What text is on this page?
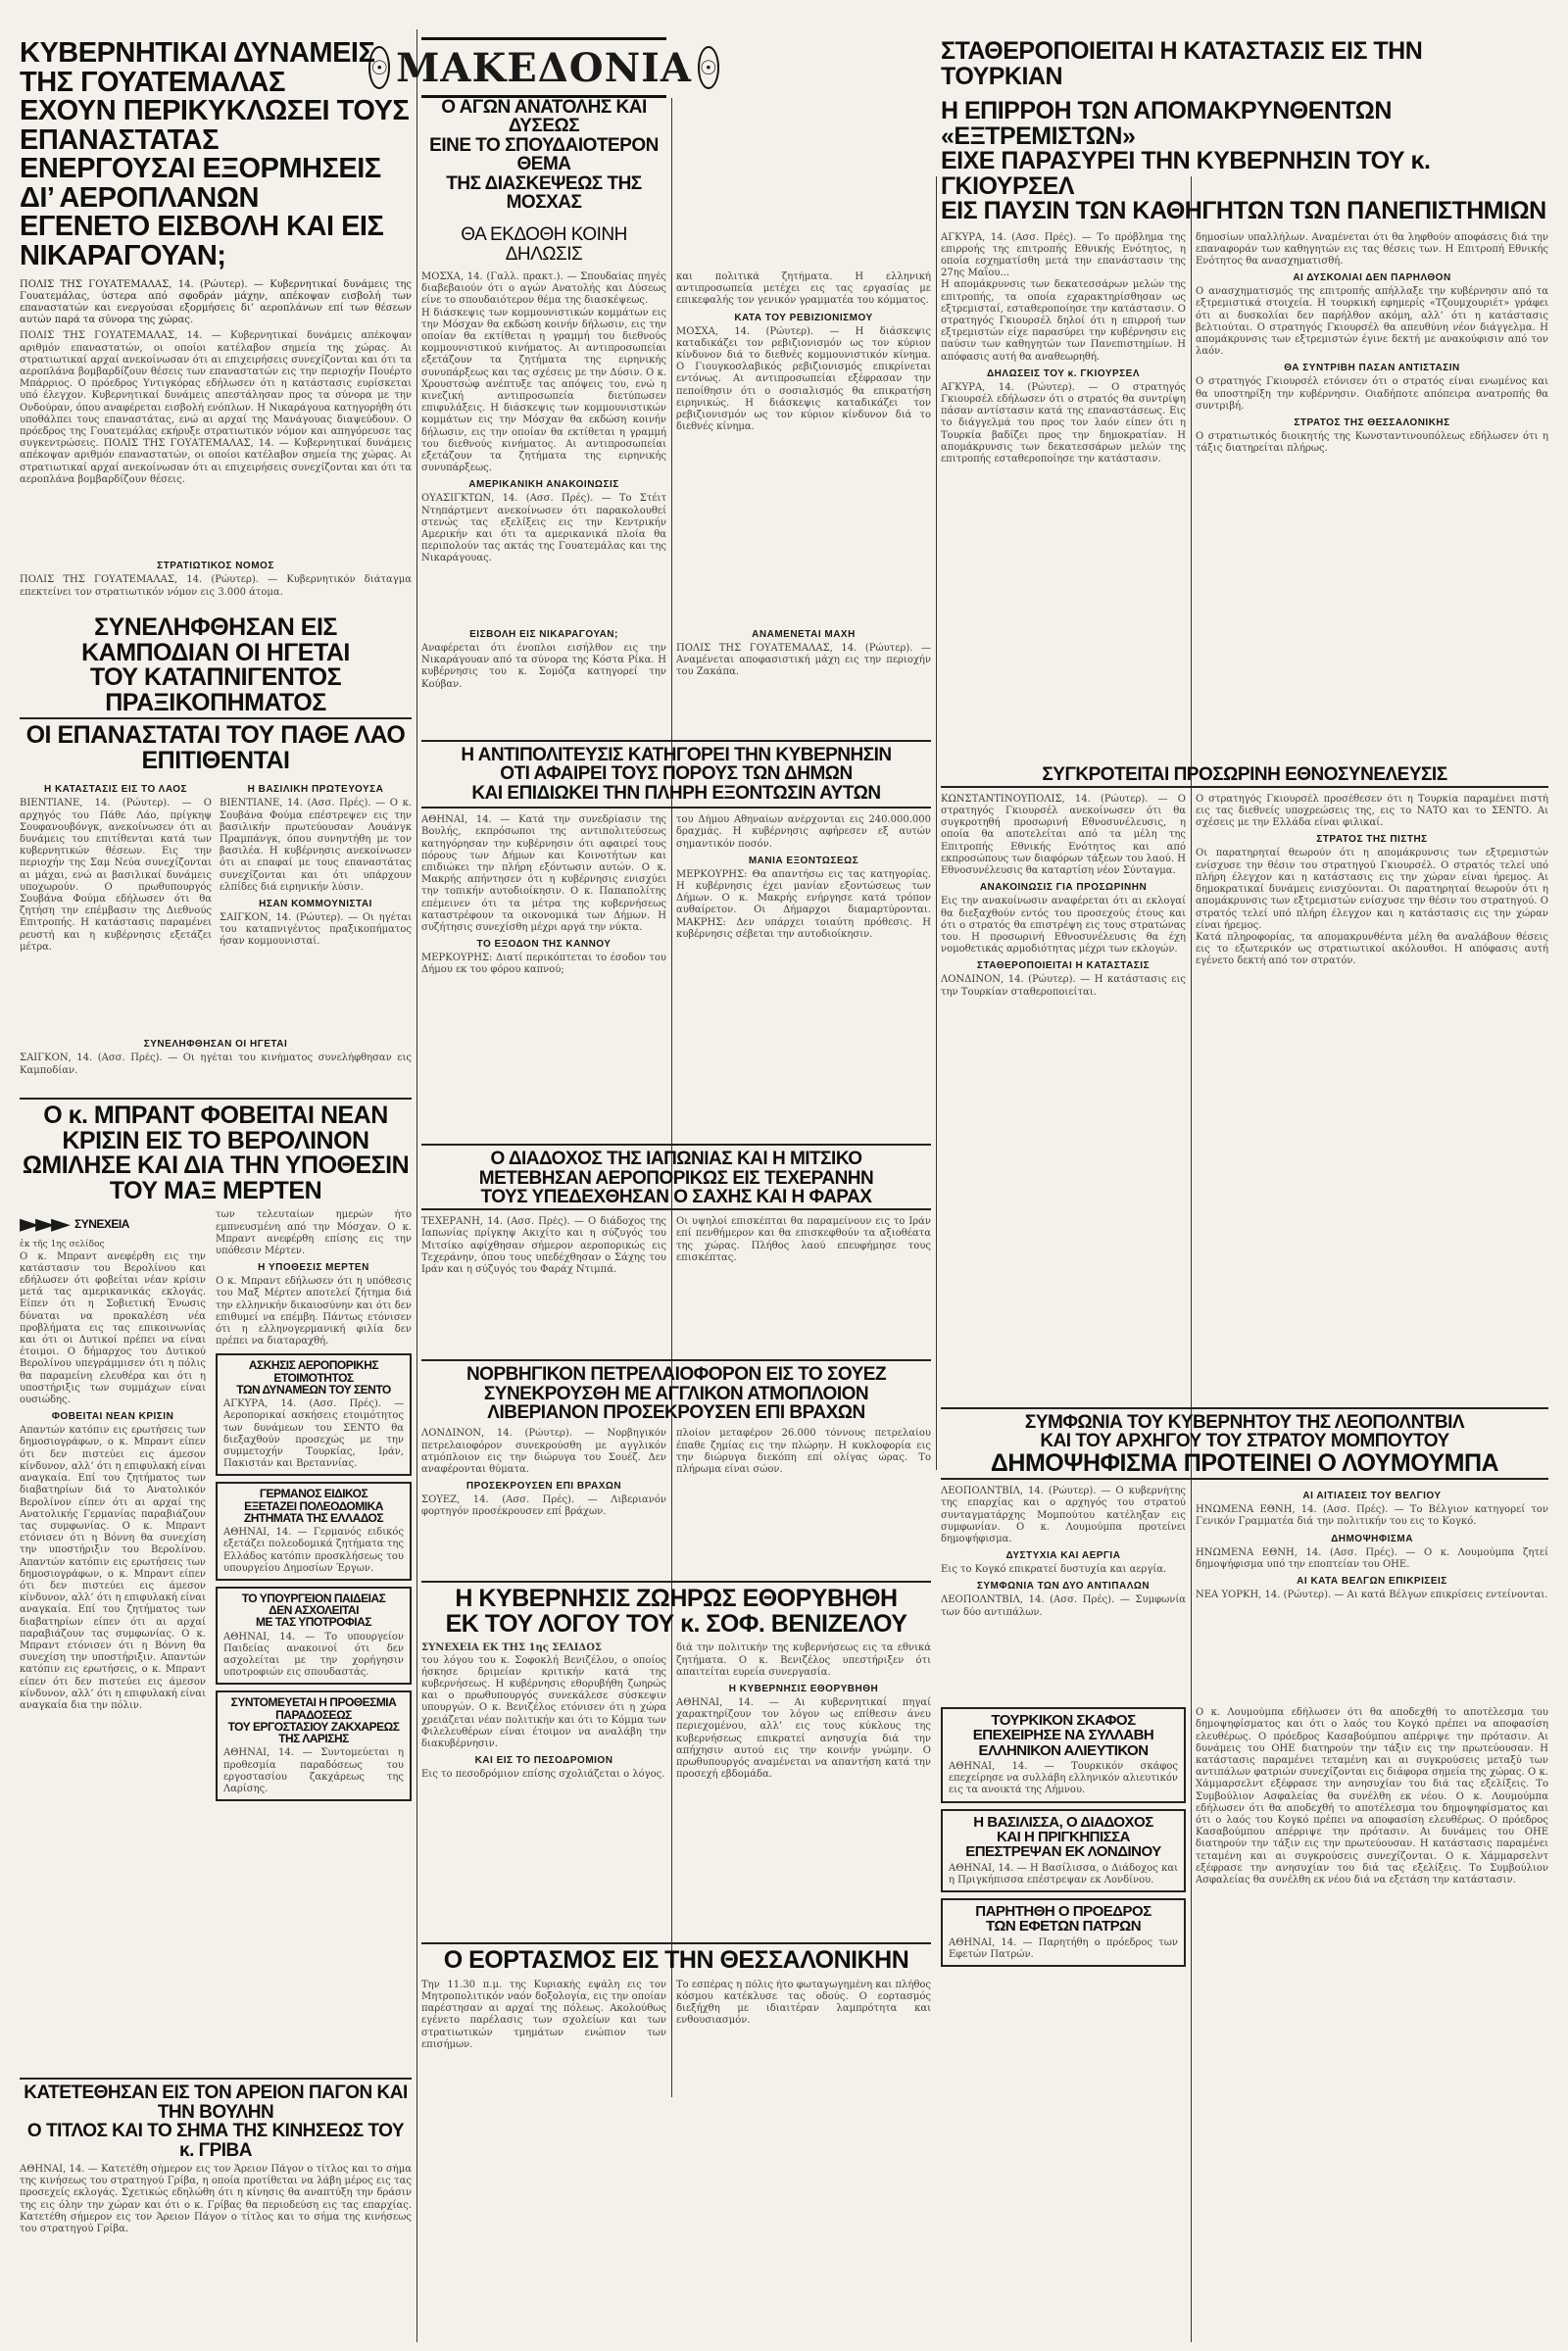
☉ ΜΑΚΕΔΟΝΙΑ ☉

ΚΥΒΕΡΝΗΤΙΚΑΙ ΔΥΝΑΜΕΙΣ ΤΗΣ ΓΟΥΑΤΕΜΑΛΑΣ

ΕΧΟΥΝ ΠΕΡΙΚΥΚΛΩΣΕΙ ΤΟΥΣ ΕΠΑΝΑΣΤΑΤΑΣ

ΕΝΕΡΓΟΥΣΑΙ ΕΞΟΡΜΗΣΕΙΣ ΔΙ’ ΑΕΡΟΠΛΑΝΩΝ

ΕΓΕΝΕΤΟ ΕΙΣΒΟΛΗ ΚΑΙ ΕΙΣ ΝΙΚΑΡΑΓΟΥΑΝ;

ΠΟΛΙΣ ΤΗΣ ΓΟΥΑΤΕΜΑΛΑΣ, 14. (Ρώυτερ). — Κυβερνητικαί δυνάμεις της Γουατεμάλας, ύστερα από σφοδράν μάχην, απέκοψαν εισβολή των επαναστατών και ενεργούσαι εξορμήσεις δι’ αεροπλάνων επί των θέσεων αυτών παρά τα σύνορα της χώρας.

ΠΟΛΙΣ ΤΗΣ ΓΟΥΑΤΕΜΑΛΑΣ, 14. — Κυβερνητικαί δυνάμεις απέκοψαν αριθμόν επαναστατών, οι οποίοι κατέλαβον σημεία της χώρας. Αι στρατιωτικαί αρχαί ανεκοίνωσαν ότι αι επιχειρήσεις συνεχίζονται και ότι τα αεροπλάνα βομβαρδίζουν θέσεις των επαναστατών εις την περιοχήν Πουέρτο Μπάρριος. Ο πρόεδρος Υντιγκόρας εδήλωσεν ότι η κατάστασις ευρίσκεται υπό έλεγχον. Κυβερνητικαί δυνάμεις απεστάλησαν προς τα σύνορα με την Ονδούραν, όπου αναφέρεται εισβολή ενόπλων. Η Νικαράγουα κατηγορήθη ότι υποθάλπει τους επαναστάτας, ενώ αι αρχαί της Μανάγουας διαψεύδουν. Ο πρόεδρος της Γουατεμάλας εκήρυξε στρατιωτικόν νόμον και απηγόρευσε τας συγκεντρώσεις. ΠΟΛΙΣ ΤΗΣ ΓΟΥΑΤΕΜΑΛΑΣ, 14. — Κυβερνητικαί δυνάμεις απέκοψαν αριθμόν επαναστατών, οι οποίοι κατέλαβον σημεία της χώρας. Αι στρατιωτικαί αρχαί ανεκοίνωσαν ότι αι επιχειρήσεις συνεχίζονται και ότι τα αεροπλάνα βομβαρδίζουν θέσεις.

ΣΤΡΑΤΙΩΤΙΚΟΣ ΝΟΜΟΣ

ΠΟΛΙΣ ΤΗΣ ΓΟΥΑΤΕΜΑΛΑΣ, 14. (Ρώυτερ). — Κυβερνητικόν διάταγμα επεκτείνει τον στρατιωτικόν νόμον εις 3.000 άτομα.

ΣΥΝΕΛΗΦΘΗΣΑΝ ΕΙΣ ΚΑΜΠΟΔΙΑΝ ΟΙ ΗΓΕΤΑΙ

ΤΟΥ ΚΑΤΑΠΝΙΓΕΝΤΟΣ ΠΡΑΞΙΚΟΠΗΜΑΤΟΣ

ΟΙ ΕΠΑΝΑΣΤΑΤΑΙ ΤΟΥ ΠΑΘΕ ΛΑΟ ΕΠΙΤΙΘΕΝΤΑΙ

Η ΚΑΤΑΣΤΑΣΙΣ ΕΙΣ ΤΟ ΛΑΟΣ

ΒΙΕΝΤΙΑΝΕ, 14. (Ρώυτερ). — Ο αρχηγός του Πάθε Λάο, πρίγκηψ Σουφανουβόνγκ, ανεκοίνωσεν ότι αι δυνάμεις του επιτίθενται κατά των κυβερνητικών θέσεων. Εις την περιοχήν της Σαμ Νεύα συνεχίζονται αι μάχαι, ενώ αι βασιλικαί δυνάμεις υποχωρούν. Ο πρωθυπουργός Σουβάνα Φούμα εδήλωσεν ότι θα ζητήση την επέμβασιν της Διεθνούς Επιτροπής. Η κατάστασις παραμένει ρευστή και η κυβέρνησις εξετάζει μέτρα.

Η ΒΑΣΙΛΙΚΗ ΠΡΩΤΕΥΟΥΣΑ

ΒΙΕΝΤΙΑΝΕ, 14. (Ασσ. Πρές). — Ο κ. Σουβάνα Φούμα επέστρεψεν εις την βασιλικήν πρωτεύουσαν Λουάνγκ Πραμπάνγκ, όπου συνηντήθη με τον βασιλέα. Η κυβέρνησις ανεκοίνωσεν ότι αι επαφαί με τους επαναστάτας συνεχίζονται και ότι υπάρχουν ελπίδες διά ειρηνικήν λύσιν.

ΗΣΑΝ ΚΟΜΜΟΥΝΙΣΤΑΙ

ΣΑΙΓΚΟΝ, 14. (Ρώυτερ). — Οι ηγέται του καταπνιγέντος πραξικοπήματος ήσαν κομμουνισταί.

ΣΥΝΕΛΗΦΘΗΣΑΝ ΟΙ ΗΓΕΤΑΙ

ΣΑΙΓΚΟΝ, 14. (Ασσ. Πρές). — Οι ηγέται του κινήματος συνελήφθησαν εις Καμποδίαν.

Ο κ. ΜΠΡΑΝΤ ΦΟΒΕΙΤΑΙ ΝΕΑΝ ΚΡΙΣΙΝ ΕΙΣ ΤΟ ΒΕΡΟΛΙΝΟΝ

ΩΜΙΛΗΣΕ ΚΑΙ ΔΙΑ ΤΗΝ ΥΠΟΘΕΣΙΝ ΤΟΥ ΜΑΞ ΜΕΡΤΕΝ

►►► ΣΥΝΕΧΕΙΑ

ἐκ τῆς 1ης σελίδος

Ο κ. Μπραντ ανεφέρθη εις την κατάστασιν του Βερολίνου και εδήλωσεν ότι φοβείται νέαν κρίσιν μετά τας αμερικανικάς εκλογάς. Είπεν ότι η Σοβιετική Ένωσις δύναται να προκαλέση νέα προβλήματα εις τας επικοινωνίας και ότι οι Δυτικοί πρέπει να είναι έτοιμοι. Ο δήμαρχος του Δυτικού Βερολίνου υπεγράμμισεν ότι η πόλις θα παραμείνη ελευθέρα και ότι η υποστήριξις των συμμάχων είναι ουσιώδης.

ΦΟΒΕΙΤΑΙ ΝΕΑΝ ΚΡΙΣΙΝ

Απαντών κατόπιν εις ερωτήσεις των δημοσιογράφων, ο κ. Μπραντ είπεν ότι δεν πιστεύει εις άμεσον κίνδυνον, αλλ’ ότι η επιφυλακή είναι αναγκαία. Επί του ζητήματος των διαβατηρίων διά το Ανατολικόν Βερολίνον είπεν ότι αι αρχαί της Ανατολικής Γερμανίας παραβιάζουν τας συμφωνίας. Ο κ. Μπραντ ετόνισεν ότι η Βόννη θα συνεχίση την υποστήριξιν του Βερολίνου. Απαντών κατόπιν εις ερωτήσεις των δημοσιογράφων, ο κ. Μπραντ είπεν ότι δεν πιστεύει εις άμεσον κίνδυνον, αλλ’ ότι η επιφυλακή είναι αναγκαία. Επί του ζητήματος των διαβατηρίων είπεν ότι αι αρχαί παραβιάζουν τας συμφωνίας. Ο κ. Μπραντ ετόνισεν ότι η Βόννη θα συνεχίση την υποστήριξιν. Απαντών κατόπιν εις ερωτήσεις, ο κ. Μπραντ είπεν ότι δεν πιστεύει εις άμεσον κίνδυνον, αλλ’ ότι η επιφυλακή είναι αναγκαία δια την πόλιν.

των τελευταίων ημερών ήτο εμπνευσμένη από την Μόσχαν. Ο κ. Μπραντ ανεφέρθη επίσης εις την υπόθεσιν Μέρτεν.

Η ΥΠΟΘΕΣΙΣ ΜΕΡΤΕΝ

Ο κ. Μπραντ εδήλωσεν ότι η υπόθεσις του Μαξ Μέρτεν αποτελεί ζήτημα διά την ελληνικήν δικαιοσύνην και ότι δεν επιθυμεί να επέμβη. Πάντως ετόνισεν ότι η ελληνογερμανική φιλία δεν πρέπει να διαταραχθή.

ΑΣΚΗΣΙΣ ΑΕΡΟΠΟΡΙΚΗΣ

ΕΤΟΙΜΟΤΗΤΟΣ

ΤΩΝ ΔΥΝΑΜΕΩΝ ΤΟΥ ΣΕΝΤΟ

ΑΓΚΥΡΑ, 14. (Ασσ. Πρές). — Αεροπορικαί ασκήσεις ετοιμότητος των δυνάμεων του ΣΕΝΤΟ θα διεξαχθούν προσεχώς με την συμμετοχήν Τουρκίας, Ιράν, Πακιστάν και Βρεταννίας.

ΓΕΡΜΑΝΟΣ ΕΙΔΙΚΟΣ

ΕΞΕΤΑΖΕΙ ΠΟΛΕΟΔΟΜΙΚΑ

ΖΗΤΗΜΑΤΑ ΤΗΣ ΕΛΛΑΔΟΣ

ΑΘΗΝΑΙ, 14. — Γερμανός ειδικός εξετάζει πολεοδομικά ζητήματα της Ελλάδος κατόπιν προσκλήσεως του υπουργείου Δημοσίων Έργων.

ΤΟ ΥΠΟΥΡΓΕΙΟΝ ΠΑΙΔΕΙΑΣ

ΔΕΝ ΑΣΧΟΛΕΙΤΑΙ

ΜΕ ΤΑΣ ΥΠΟΤΡΟΦΙΑΣ

ΑΘΗΝΑΙ, 14. — Το υπουργείον Παιδείας ανακοινοί ότι δεν ασχολείται με την χορήγησιν υποτροφιών εις σπουδαστάς.

ΣΥΝΤΟΜΕΥΕΤΑΙ Η ΠΡΟΘΕΣΜΙΑ

ΠΑΡΑΔΟΣΕΩΣ

ΤΟΥ ΕΡΓΟΣΤΑΣΙΟΥ ΖΑΚΧΑΡΕΩΣ

ΤΗΣ ΛΑΡΙΣΗΣ

ΑΘΗΝΑΙ, 14. — Συντομεύεται η προθεσμία παραδόσεως του εργοστασίου ζακχάρεως της Λαρίσης.

ΚΑΤΕΤΕΘΗΣΑΝ ΕΙΣ ΤΟΝ ΑΡΕΙΟΝ ΠΑΓΟΝ ΚΑΙ ΤΗΝ ΒΟΥΛΗΝ

Ο ΤΙΤΛΟΣ ΚΑΙ ΤΟ ΣΗΜΑ ΤΗΣ ΚΙΝΗΣΕΩΣ ΤΟΥ κ. ΓΡΙΒΑ

ΑΘΗΝΑΙ, 14. — Κατετέθη σήμερον εις τον Άρειον Πάγον ο τίτλος και το σήμα της κινήσεως του στρατηγού Γρίβα, η οποία προτίθεται να λάβη μέρος εις τας προσεχείς εκλογάς. Σχετικώς εδηλώθη ότι η κίνησις θα αναπτύξη την δράσιν της εις όλην την χώραν και ότι ο κ. Γρίβας θα περιοδεύση εις τας επαρχίας. Κατετέθη σήμερον εις τον Άρειον Πάγον ο τίτλος και το σήμα της κινήσεως του στρατηγού Γρίβα.

Ο ΑΓΩΝ ΑΝΑΤΟΛΗΣ ΚΑΙ ΔΥΣΕΩΣ

ΕΙΝΕ ΤΟ ΣΠΟΥΔΑΙΟΤΕΡΟΝ ΘΕΜΑ

ΤΗΣ ΔΙΑΣΚΕΨΕΩΣ ΤΗΣ ΜΟΣΧΑΣ

ΘΑ ΕΚΔΟΘΗ ΚΟΙΝΗ ΔΗΛΩΣΙΣ

ΜΟΣΧΑ, 14. (Γαλλ. πρακτ.). — Σπουδαίας πηγές διαβεβαιούν ότι ο αγών Ανατολής και Δύσεως είνε το σπουδαιότερον θέμα της διασκέψεως.

Η διάσκεψις των κομμουνιστικών κομμάτων εις την Μόσχαν θα εκδώση κοινήν δήλωσιν, εις την οποίαν θα εκτίθεται η γραμμή του διεθνούς κομμουνιστικού κινήματος. Αι αντιπροσωπείαι εξετάζουν τα ζητήματα της ειρηνικής συνυπάρξεως και τας σχέσεις με την Δύσιν. Ο κ. Χρουστσώφ ανέπτυξε τας απόψεις του, ενώ η κινεζική αντιπροσωπεία διετύπωσεν επιφυλάξεις. Η διάσκεψις των κομμουνιστικών κομμάτων εις την Μόσχαν θα εκδώση κοινήν δήλωσιν, εις την οποίαν θα εκτίθεται η γραμμή του διεθνούς κινήματος. Αι αντιπροσωπείαι εξετάζουν τα ζητήματα της ειρηνικής συνυπάρξεως.

ΑΜΕΡΙΚΑΝΙΚΗ ΑΝΑΚΟΙΝΩΣΙΣ

ΟΥΑΣΙΓΚΤΩΝ, 14. (Ασσ. Πρές). — Το Στέιτ Ντηπάρτμεντ ανεκοίνωσεν ότι παρακολουθεί στενώς τας εξελίξεις εις την Κεντρικήν Αμερικήν και ότι τα αμερικανικά πλοία θα περιπολούν τας ακτάς της Γουατεμάλας και της Νικαράγουας.

και πολιτικά ζητήματα. Η ελληνική αντιπροσωπεία μετέχει εις τας εργασίας με επικεφαλής τον γενικόν γραμματέα του κόμματος.

ΚΑΤΑ ΤΟΥ ΡΕΒΙΖΙΟΝΙΣΜΟΥ

ΜΟΣΧΑ, 14. (Ρώυτερ). — Η διάσκεψις καταδικάζει τον ρεβιζιονισμόν ως τον κύριον κίνδυνον διά το διεθνές κομμουνιστικόν κίνημα. Ο Γιουγκοσλαβικός ρεβιζιονισμός επικρίνεται εντόνως. Αι αντιπροσωπείαι εξέφρασαν την πεποίθησιν ότι ο σοσιαλισμός θα επικρατήση ειρηνικώς. Η διάσκεψις καταδικάζει τον ρεβιζιονισμόν ως τον κύριον κίνδυνον διά το διεθνές κίνημα.

ΕΙΣΒΟΛΗ ΕΙΣ ΝΙΚΑΡΑΓΟΥΑΝ;

Αναφέρεται ότι ένοπλοι εισήλθον εις την Νικαράγουαν από τα σύνορα της Κόστα Ρίκα. Η κυβέρνησις του κ. Σομόζα κατηγορεί την Κούβαν.

ΑΝΑΜΕΝΕΤΑΙ ΜΑΧΗ

ΠΟΛΙΣ ΤΗΣ ΓΟΥΑΤΕΜΑΛΑΣ, 14. (Ρώυτερ). — Αναμένεται αποφασιστική μάχη εις την περιοχήν του Ζακάπα.

Η ΑΝΤΙΠΟΛΙΤΕΥΣΙΣ ΚΑΤΗΓΟΡΕΙ ΤΗΝ ΚΥΒΕΡΝΗΣΙΝ

ΟΤΙ ΑΦΑΙΡΕΙ ΤΟΥΣ ΠΟΡΟΥΣ ΤΩΝ ΔΗΜΩΝ

ΚΑΙ ΕΠΙΔΙΩΚΕΙ ΤΗΝ ΠΛΗΡΗ ΕΞΟΝΤΩΣΙΝ ΑΥΤΩΝ

ΑΘΗΝΑΙ, 14. — Κατά την συνεδρίασιν της Βουλής, εκπρόσωποι της αντιπολιτεύσεως κατηγόρησαν την κυβέρνησιν ότι αφαιρεί τους πόρους των Δήμων και Κοινοτήτων και επιδιώκει την πλήρη εξόντωσιν αυτών. Ο κ. Μακρής απήντησεν ότι η κυβέρνησις ενισχύει την τοπικήν αυτοδιοίκησιν. Ο κ. Παπαπολίτης επέμεινεν ότι τα μέτρα της κυβερνήσεως καταστρέφουν τα οικονομικά των Δήμων. Η συζήτησις συνεχίσθη μέχρι αργά την νύκτα.

ΤΟ ΕΞΟΔΟΝ ΤΗΣ ΚΑΝΝΟΥ

ΜΕΡΚΟΥΡΗΣ: Διατί περικόπτεται το έσοδον του Δήμου εκ του φόρου καπνού;

του Δήμου Αθηναίων ανέρχονται εις 240.000.000 δραχμάς. Η κυβέρνησις αφήρεσεν εξ αυτών σημαντικόν ποσόν.

ΜΑΝΙΑ ΕΞΟΝΤΩΣΕΩΣ

ΜΕΡΚΟΥΡΗΣ: Θα απαντήσω εις τας κατηγορίας. Η κυβέρνησις έχει μανίαν εξοντώσεως των Δήμων. Ο κ. Μακρής ενήργησε κατά τρόπον αυθαίρετον. Οι Δήμαρχοι διαμαρτύρονται. ΜΑΚΡΗΣ: Δεν υπάρχει τοιαύτη πρόθεσις. Η κυβέρνησις σέβεται την αυτοδιοίκησιν.

Ο ΔΙΑΔΟΧΟΣ ΤΗΣ ΙΑΠΩΝΙΑΣ ΚΑΙ Η ΜΙΤΣΙΚΟ

ΜΕΤΕΒΗΣΑΝ ΑΕΡΟΠΟΡΙΚΩΣ ΕΙΣ ΤΕΧΕΡΑΝΗΝ

ΤΟΥΣ ΥΠΕΔΕΧΘΗΣΑΝ Ο ΣΑΧΗΣ ΚΑΙ Η ΦΑΡΑΧ

ΤΕΧΕΡΑΝΗ, 14. (Ασσ. Πρές). — Ο διάδοχος της Ιαπωνίας πρίγκηψ Ακιχίτο και η σύζυγός του Μιτσίκο αφίχθησαν σήμερον αεροπορικώς εις Τεχεράνην, όπου τους υπεδέχθησαν ο Σάχης του Ιράν και η σύζυγός του Φαράχ Ντιμπά.

Οι υψηλοί επισκέπται θα παραμείνουν εις το Ιράν επί πενθήμερον και θα επισκεφθούν τα αξιοθέατα της χώρας. Πλήθος λαού επευφήμησε τους επισκέπτας.

ΝΟΡΒΗΓΙΚΟΝ ΠΕΤΡΕΛΑΙΟΦΟΡΟΝ ΕΙΣ ΤΟ ΣΟΥΕΖ

ΣΥΝΕΚΡΟΥΣΘΗ ΜΕ ΑΓΓΛΙΚΟΝ ΑΤΜΟΠΛΟΙΟΝ

ΛΙΒΕΡΙΑΝΟΝ ΠΡΟΣΕΚΡΟΥΣΕΝ ΕΠΙ ΒΡΑΧΩΝ

ΛΟΝΔΙΝΟΝ, 14. (Ρώυτερ). — Νορβηγικόν πετρελαιοφόρον συνεκρούσθη με αγγλικόν ατμόπλοιον εις την διώρυγα του Σουέζ. Δεν αναφέρονται θύματα.

ΠΡΟΣΕΚΡΟΥΣΕΝ ΕΠΙ ΒΡΑΧΩΝ

ΣΟΥΕΖ, 14. (Ασσ. Πρές). — Λιβεριανόν φορτηγόν προσέκρουσεν επί βράχων.

πλοίον μεταφέρον 26.000 τόννους πετρελαίου έπαθε ζημίας εις την πλώρην. Η κυκλοφορία εις την διώρυγα διεκόπη επί ολίγας ώρας. Το πλήρωμα είναι σώον.

Η ΚΥΒΕΡΝΗΣΙΣ ΖΩΗΡΩΣ ΕΘΟΡΥΒΗΘΗ

ΕΚ ΤΟΥ ΛΟΓΟΥ ΤΟΥ κ. ΣΟΦ. ΒΕΝΙΖΕΛΟΥ

ΣΥΝΕΧΕΙΑ ΕΚ ΤΗΣ 1ης ΣΕΛΙΔΟΣ

του λόγου του κ. Σοφοκλή Βενιζέλου, ο οποίος ήσκησε δριμείαν κριτικήν κατά της κυβερνήσεως. Η κυβέρνησις εθορυβήθη ζωηρώς και ο πρωθυπουργός συνεκάλεσε σύσκεψιν υπουργών. Ο κ. Βενιζέλος ετόνισεν ότι η χώρα χρειάζεται νέαν πολιτικήν και ότι το Κόμμα των Φιλελευθέρων είναι έτοιμον να αναλάβη την διακυβέρνησιν.

ΚΑΙ ΕΙΣ ΤΟ ΠΕΣΟΔΡΟΜΙΟΝ

Εις το πεσοδρόμιον επίσης σχολιάζεται ο λόγος.

διά την πολιτικήν της κυβερνήσεως εις τα εθνικά ζητήματα. Ο κ. Βενιζέλος υπεστήριξεν ότι απαιτείται ευρεία συνεργασία.

Η ΚΥΒΕΡΝΗΣΙΣ ΕΘΟΡΥΒΗΘΗ

ΑΘΗΝΑΙ, 14. — Αι κυβερνητικαί πηγαί χαρακτηρίζουν τον λόγον ως επίθεσιν άνευ περιεχομένου, αλλ’ εις τους κύκλους της κυβερνήσεως επικρατεί ανησυχία διά την απήχησιν αυτού εις την κοινήν γνώμην. Ο πρωθυπουργός αναμένεται να απαντήση κατά την προσεχή εβδομάδα.

Ο ΕΟΡΤΑΣΜΟΣ ΕΙΣ ΤΗΝ ΘΕΣΣΑΛΟΝΙΚΗΝ

Την 11.30 π.μ. της Κυριακής εψάλη εις τον Μητροπολιτικόν ναόν δοξολογία, εις την οποίαν παρέστησαν αι αρχαί της πόλεως. Ακολούθως εγένετο παρέλασις των σχολείων και των στρατιωτικών τμημάτων ενώπιον των επισήμων.

Το εσπέρας η πόλις ήτο φωταγωγημένη και πλήθος κόσμου κατέκλυσε τας οδούς. Ο εορτασμός διεξήχθη με ιδιαιτέραν λαμπρότητα και ενθουσιασμόν.

ΣΤΑΘΕΡΟΠΟΙΕΙΤΑΙ Η ΚΑΤΑΣΤΑΣΙΣ ΕΙΣ ΤΗΝ ΤΟΥΡΚΙΑΝ

Η ΕΠΙΡΡΟΗ ΤΩΝ ΑΠΟΜΑΚΡΥΝΘΕΝΤΩΝ «ΕΞΤΡΕΜΙΣΤΩΝ»

ΕΙΧΕ ΠΑΡΑΣΥΡΕΙ ΤΗΝ ΚΥΒΕΡΝΗΣΙΝ ΤΟΥ κ. ΓΚΙΟΥΡΣΕΛ

ΕΙΣ ΠΑΥΣΙΝ ΤΩΝ ΚΑΘΗΓΗΤΩΝ ΤΩΝ ΠΑΝΕΠΙΣΤΗΜΙΩΝ

ΑΓΚΥΡΑ, 14. (Ασσ. Πρές). — Το πρόβλημα της επιρροής της επιτροπής Εθνικής Ενότητος, η οποία εσχηματίσθη μετά την επανάστασιν της 27ης Μαΐου...

Η απομάκρυνσις των δεκατεσσάρων μελών της επιτροπής, τα οποία εχαρακτηρίσθησαν ως εξτρεμισταί, εσταθεροποίησε την κατάστασιν. Ο στρατηγός Γκιουρσέλ δηλοί ότι η επιρροή των εξτρεμιστών είχε παρασύρει την κυβέρνησιν εις παύσιν των καθηγητών των Πανεπιστημίων. Η απόφασις αυτή θα αναθεωρηθή.

ΔΗΛΩΣΕΙΣ ΤΟΥ κ. ΓΚΙΟΥΡΣΕΛ

ΑΓΚΥΡΑ, 14. (Ρώυτερ). — Ο στρατηγός Γκιουρσέλ εδήλωσεν ότι ο στρατός θα συντρίψη πάσαν αντίστασιν κατά της επαναστάσεως. Εις το διάγγελμά του προς τον λαόν είπεν ότι η Τουρκία βαδίζει προς την δημοκρατίαν. Η απομάκρυνσις των δεκατεσσάρων μελών της επιτροπής εσταθεροποίησε την κατάστασιν.

δημοσίων υπαλλήλων. Αναμένεται ότι θα ληφθούν αποφάσεις διά την επαναφοράν των καθηγητών εις τας θέσεις των. Η Επιτροπή Εθνικής Ενότητος θα ανασχηματισθή.

ΑΙ ΔΥΣΚΟΛΙΑΙ ΔΕΝ ΠΑΡΗΛΘΟΝ

Ο ανασχηματισμός της επιτροπής απήλλαξε την κυβέρνησιν από τα εξτρεμιστικά στοιχεία. Η τουρκική εφημερίς «Τζουμχουριέτ» γράφει ότι αι δυσκολίαι δεν παρήλθον ακόμη, αλλ’ ότι η κατάστασις βελτιούται. Ο στρατηγός Γκιουρσέλ θα απευθύνη νέον διάγγελμα. Η απομάκρυνσις των εξτρεμιστών έγινε δεκτή με ανακούφισιν από τον λαόν.

ΘΑ ΣΥΝΤΡΙΒΗ ΠΑΣΑΝ ΑΝΤΙΣΤΑΣΙΝ

Ο στρατηγός Γκιουρσέλ ετόνισεν ότι ο στρατός είναι ενωμένος και θα υποστηρίξη την κυβέρνησιν. Οιαδήποτε απόπειρα ανατροπής θα συντριβή.

ΣΤΡΑΤΟΣ ΤΗΣ ΘΕΣΣΑΛΟΝΙΚΗΣ

Ο στρατιωτικός διοικητής της Κωνσταντινουπόλεως εδήλωσεν ότι η τάξις διατηρείται πλήρως.

ΣΥΓΚΡΟΤΕΙΤΑΙ ΠΡΟΣΩΡΙΝΗ ΕΘΝΟΣΥΝΕΛΕΥΣΙΣ

ΚΩΝΣΤΑΝΤΙΝΟΥΠΟΛΙΣ, 14. (Ρώυτερ). — Ο στρατηγός Γκιουρσέλ ανεκοίνωσεν ότι θα συγκροτηθή προσωρινή Εθνοσυνέλευσις, η οποία θα αποτελείται από τα μέλη της Επιτροπής Εθνικής Ενότητος και από εκπροσώπους των διαφόρων τάξεων του λαού. Η Εθνοσυνέλευσις θα καταρτίση νέον Σύνταγμα.

ΑΝΑΚΟΙΝΩΣΙΣ ΓΙΑ ΠΡΟΣΩΡΙΝΗΝ

Εις την ανακοίνωσιν αναφέρεται ότι αι εκλογαί θα διεξαχθούν εντός του προσεχούς έτους και ότι ο στρατός θα επιστρέψη εις τους στρατώνας του. Η προσωρινή Εθνοσυνέλευσις θα έχη νομοθετικάς αρμοδιότητας μέχρι των εκλογών.

ΣΤΑΘΕΡΟΠΟΙΕΙΤΑΙ Η ΚΑΤΑΣΤΑΣΙΣ

ΛΟΝΔΙΝΟΝ, 14. (Ρώυτερ). — Η κατάστασις εις την Τουρκίαν σταθεροποιείται.

Ο στρατηγός Γκιουρσέλ προσέθεσεν ότι η Τουρκία παραμένει πιστή εις τας διεθνείς υποχρεώσεις της, εις το ΝΑΤΟ και το ΣΕΝΤΟ. Αι σχέσεις με την Ελλάδα είναι φιλικαί.

ΣΤΡΑΤΟΣ ΤΗΣ ΠΙΣΤΗΣ

Οι παρατηρηταί θεωρούν ότι η απομάκρυνσις των εξτρεμιστών ενίσχυσε την θέσιν του στρατηγού Γκιουρσέλ. Ο στρατός τελεί υπό πλήρη έλεγχον και η κατάστασις εις την χώραν είναι ήρεμος. Αι δημοκρατικαί δυνάμεις ενισχύονται. Οι παρατηρηταί θεωρούν ότι η απομάκρυνσις των εξτρεμιστών ενίσχυσε την θέσιν του στρατηγού. Ο στρατός τελεί υπό πλήρη έλεγχον και η κατάστασις εις την χώραν είναι ήρεμος.

Κατά πληροφορίας, τα απομακρυνθέντα μέλη θα αναλάβουν θέσεις εις το εξωτερικόν ως στρατιωτικοί ακόλουθοι. Η απόφασις αυτή εγένετο δεκτή από τον στρατόν.

ΣΥΜΦΩΝΙΑ ΤΟΥ ΚΥΒΕΡΝΗΤΟΥ ΤΗΣ ΛΕΟΠΟΛΝΤΒΙΛ

ΚΑΙ ΤΟΥ ΑΡΧΗΓΟΥ ΤΟΥ ΣΤΡΑΤΟΥ ΜΟΜΠΟΥΤΟΥ

ΔΗΜΟΨΗΦΙΣΜΑ ΠΡΟΤΕΙΝΕΙ Ο ΛΟΥΜΟΥΜΠΑ

ΛΕΟΠΟΛΝΤΒΙΛ, 14. (Ρώυτερ). — Ο κυβερνήτης της επαρχίας και ο αρχηγός του στρατού συνταγματάρχης Μομπούτου κατέληξαν εις συμφωνίαν. Ο κ. Λουμούμπα προτείνει δημοψήφισμα.

ΔΥΣΤΥΧΙΑ ΚΑΙ ΑΕΡΓΙΑ

Εις το Κογκό επικρατεί δυστυχία και αεργία.

ΣΥΜΦΩΝΙΑ ΤΩΝ ΔΥΟ ΑΝΤΙΠΑΛΩΝ

ΛΕΟΠΟΛΝΤΒΙΛ, 14. (Ασσ. Πρές). — Συμφωνία των δύο αντιπάλων.

ΑΙ ΑΙΤΙΑΣΕΙΣ ΤΟΥ ΒΕΛΓΙΟΥ

ΗΝΩΜΕΝΑ ΕΘΝΗ, 14. (Ασσ. Πρές). — Το Βέλγιον κατηγορεί τον Γενικόν Γραμματέα διά την πολιτικήν του εις το Κογκό.

ΔΗΜΟΨΗΦΙΣΜΑ

ΗΝΩΜΕΝΑ ΕΘΝΗ, 14. (Ασσ. Πρές). — Ο κ. Λουμούμπα ζητεί δημοψήφισμα υπό την εποπτείαν του ΟΗΕ.

ΑΙ ΚΑΤΑ ΒΕΛΓΩΝ ΕΠΙΚΡΙΣΕΙΣ

ΝΕΑ ΥΟΡΚΗ, 14. (Ρώυτερ). — Αι κατά Βέλγων επικρίσεις εντείνονται.

ΤΟΥΡΚΙΚΟΝ ΣΚΑΦΟΣ

ΕΠΕΧΕΙΡΗΣΕ ΝΑ ΣΥΛΛΑΒΗ

ΕΛΛΗΝΙΚΟΝ ΑΛΙΕΥΤΙΚΟΝ

ΑΘΗΝΑΙ, 14. — Τουρκικόν σκάφος επεχείρησε να συλλάβη ελληνικόν αλιευτικόν εις τα ανοικτά της Λήμνου.

Η ΒΑΣΙΛΙΣΣΑ, Ο ΔΙΑΔΟΧΟΣ

ΚΑΙ Η ΠΡΙΓΚΗΠΙΣΣΑ

ΕΠΕΣΤΡΕΨΑΝ ΕΚ ΛΟΝΔΙΝΟΥ

ΑΘΗΝΑΙ, 14. — Η Βασίλισσα, ο Διάδοχος και η Πριγκήπισσα επέστρεψαν εκ Λονδίνου.

ΠΑΡΗΤΗΘΗ Ο ΠΡΟΕΔΡΟΣ

ΤΩΝ ΕΦΕΤΩΝ ΠΑΤΡΩΝ

ΑΘΗΝΑΙ, 14. — Παρητήθη ο πρόεδρος των Εφετών Πατρών.

Ο κ. Λουμούμπα εδήλωσεν ότι θα αποδεχθή το αποτέλεσμα του δημοψηφίσματος και ότι ο λαός του Κογκό πρέπει να αποφασίση ελευθέρως. Ο πρόεδρος Κασαβούμπου απέρριψε την πρότασιν. Αι δυνάμεις του ΟΗΕ διατηρούν την τάξιν εις την πρωτεύουσαν. Η κατάστασις παραμένει τεταμένη και αι συγκρούσεις μεταξύ των αντιπάλων φατριών συνεχίζονται εις διάφορα σημεία της χώρας. Ο κ. Χάμμαρσελντ εξέφρασε την ανησυχίαν του διά τας εξελίξεις. Το Συμβούλιον Ασφαλείας θα συνέλθη εκ νέου. Ο κ. Λουμούμπα εδήλωσεν ότι θα αποδεχθή το αποτέλεσμα του δημοψηφίσματος και ότι ο λαός του Κογκό πρέπει να αποφασίση ελευθέρως. Ο πρόεδρος Κασαβούμπου απέρριψε την πρότασιν. Αι δυνάμεις του ΟΗΕ διατηρούν την τάξιν εις την πρωτεύουσαν. Η κατάστασις παραμένει τεταμένη και αι συγκρούσεις συνεχίζονται. Ο κ. Χάμμαρσελντ εξέφρασε την ανησυχίαν του διά τας εξελίξεις. Το Συμβούλιον Ασφαλείας θα συνέλθη εκ νέου διά να εξετάση την κατάστασιν.
